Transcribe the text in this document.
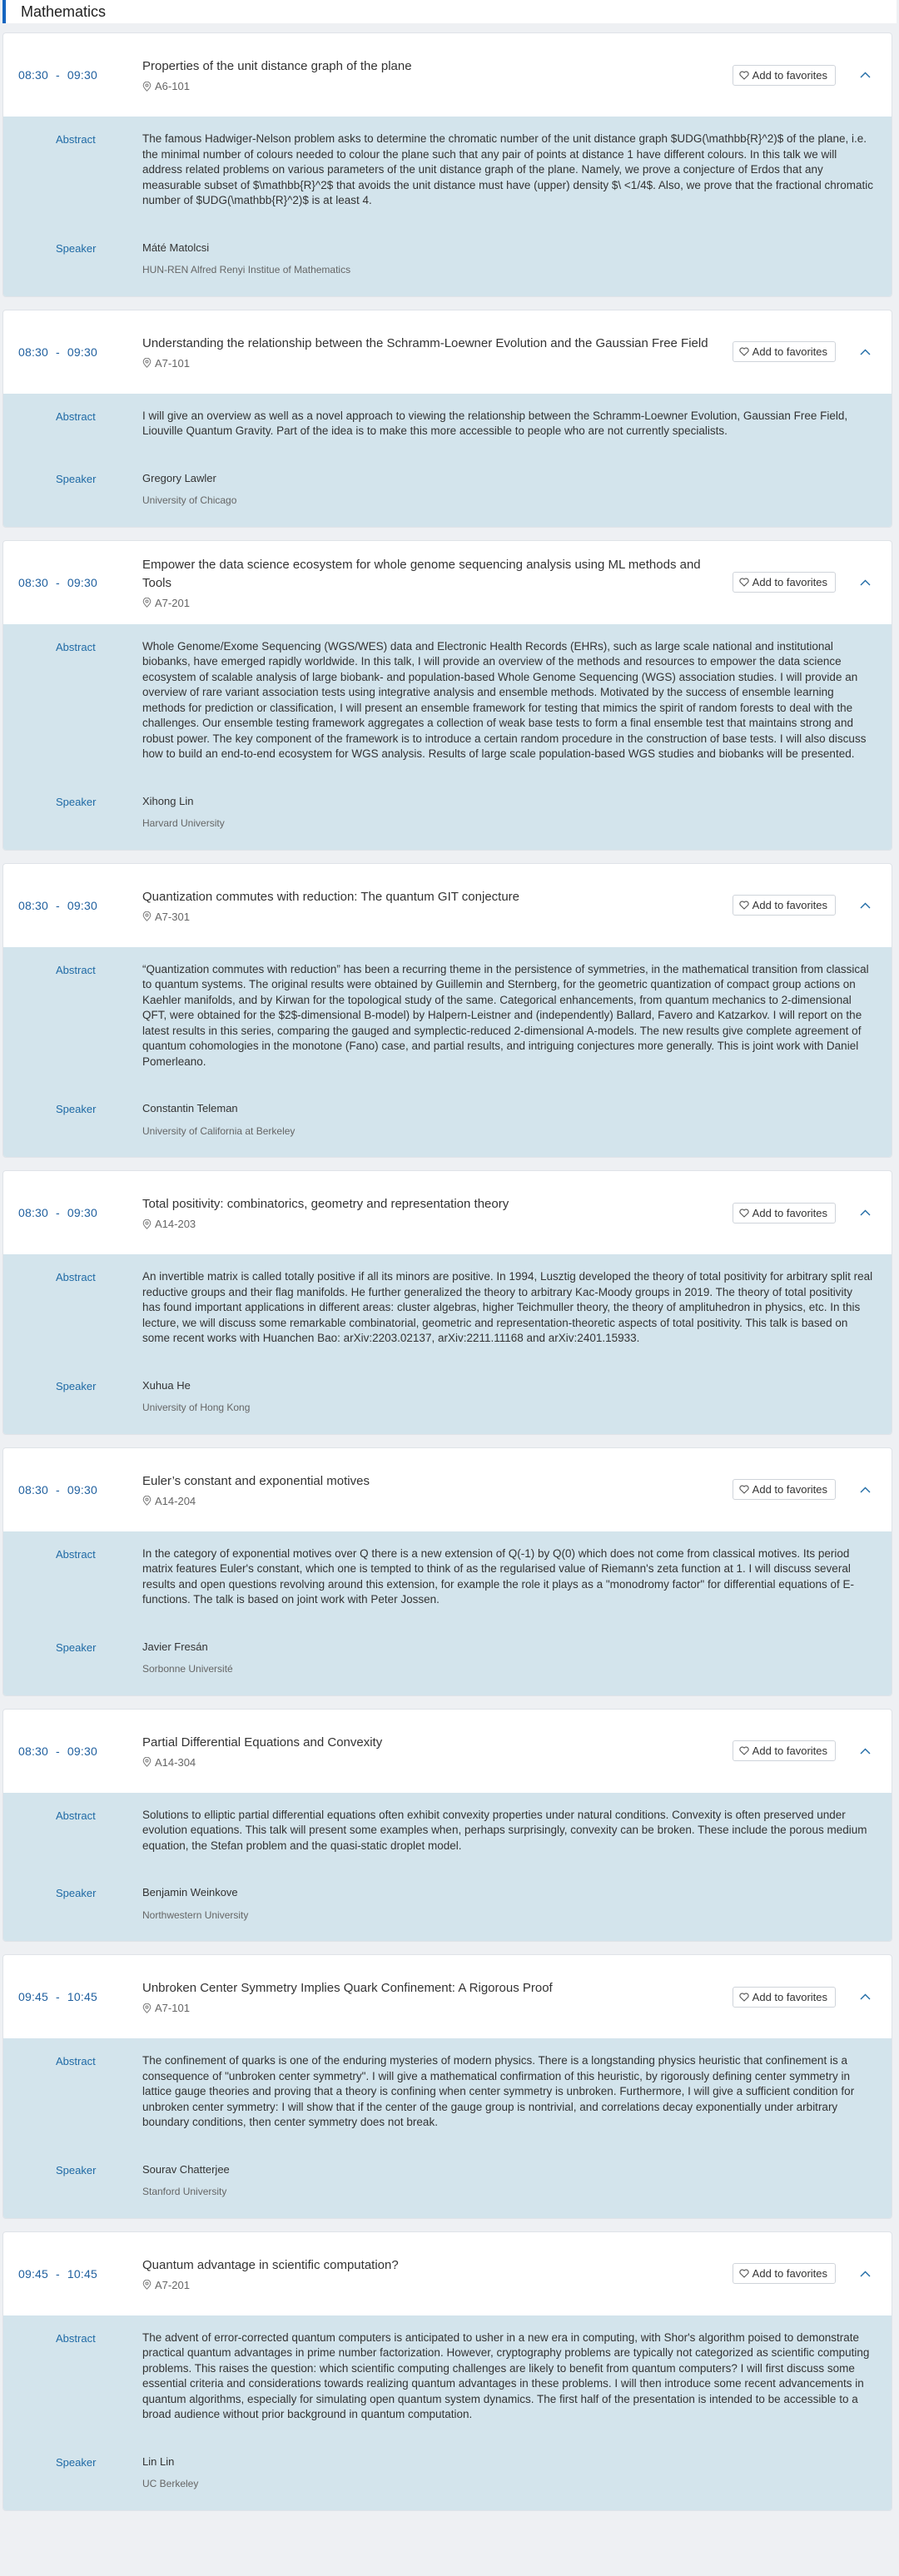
Mathematics
08:30 - 09:30
Properties of the unit distance graph of the plane
A6-101
Add to favorites
Abstract	The famous Hadwiger-Nelson problem asks to determine the chromatic number of the unit distance graph $UDG(\mathbb{R}^2)$ of the plane, i.e. the minimal number of colours needed to colour the plane such that any pair of points at distance 1 have different colours. In this talk we will address related problems on various parameters of the unit distance graph of the plane. Namely, we prove a conjecture of Erdos that any measurable subset of $\mathbb{R}^2$ that avoids the unit distance must have (upper) density $\ <1/4$. Also, we prove that the fractional chromatic number of $UDG(\mathbb{R}^2)$ is at least 4.
Speaker	Máté Matolcsi
HUN-REN Alfred Renyi Institue of Mathematics
08:30 - 09:30
Understanding the relationship between the Schramm-Loewner Evolution and the Gaussian Free Field
A7-101
Add to favorites
Abstract	I will give an overview as well as a novel approach to viewing the relationship between the Schramm-Loewner Evolution, Gaussian Free Field, Liouville Quantum Gravity. Part of the idea is to make this more accessible to people who are not currently specialists.
Speaker	Gregory Lawler
University of Chicago
08:30 - 09:30
Empower the data science ecosystem for whole genome sequencing analysis using ML methods and Tools
A7-201
Add to favorites
Abstract	Whole Genome/Exome Sequencing (WGS/WES) data and Electronic Health Records (EHRs), such as large scale national and institutional biobanks, have emerged rapidly worldwide. In this talk, I will provide an overview of the methods and resources to empower the data science ecosystem of scalable analysis of large biobank- and population-based Whole Genome Sequencing (WGS) association studies. I will provide an overview of rare variant association tests using integrative analysis and ensemble methods. Motivated by the success of ensemble learning methods for prediction or classification, I will present an ensemble framework for testing that mimics the spirit of random forests to deal with the challenges. Our ensemble testing framework aggregates a collection of weak base tests to form a final ensemble test that maintains strong and robust power. The key component of the framework is to introduce a certain random procedure in the construction of base tests. I will also discuss how to build an end-to-end ecosystem for WGS analysis. Results of large scale population-based WGS studies and biobanks will be presented.
Speaker	Xihong Lin
Harvard University
08:30 - 09:30
Quantization commutes with reduction: The quantum GIT conjecture
A7-301
Add to favorites
Abstract	“Quantization commutes with reduction” has been a recurring theme in the persistence of symmetries, in the mathematical transition from classical to quantum systems. The original results were obtained by Guillemin and Sternberg, for the geometric quantization of compact group actions on Kaehler manifolds, and by Kirwan for the topological study of the same. Categorical enhancements, from quantum mechanics to 2-dimensional QFT, were obtained for the $2$-dimensional B-model) by Halpern-Leistner and (independently) Ballard, Favero and Katzarkov. I will report on the latest results in this series, comparing the gauged and symplectic-reduced 2-dimensional A-models. The new results give complete agreement of quantum cohomologies in the monotone (Fano) case, and partial results, and intriguing conjectures more generally. This is joint work with Daniel Pomerleano.
Speaker	Constantin Teleman
University of California at Berkeley
08:30 - 09:30
Total positivity: combinatorics, geometry and representation theory
A14-203
Add to favorites
Abstract	An invertible matrix is called totally positive if all its minors are positive. In 1994, Lusztig developed the theory of total positivity for arbitrary split real reductive groups and their flag manifolds. He further generalized the theory to arbitrary Kac-Moody groups in 2019. The theory of total positivity has found important applications in different areas: cluster algebras, higher Teichmuller theory, the theory of amplituhedron in physics, etc. In this lecture, we will discuss some remarkable combinatorial, geometric and representation-theoretic aspects of total positivity. This talk is based on some recent works with Huanchen Bao: arXiv:2203.02137, arXiv:2211.11168 and arXiv:2401.15933.
Speaker	Xuhua He
University of Hong Kong
08:30 - 09:30
Euler’s constant and exponential motives
A14-204
Add to favorites
Abstract	In the category of exponential motives over Q there is a new extension of Q(-1) by Q(0) which does not come from classical motives. Its period matrix features Euler's constant, which one is tempted to think of as the regularised value of Riemann's zeta function at 1. I will discuss several results and open questions revolving around this extension, for example the role it plays as a "monodromy factor" for differential equations of E-functions. The talk is based on joint work with Peter Jossen.
Speaker	Javier Fresán
Sorbonne Université
08:30 - 09:30
Partial Differential Equations and Convexity
A14-304
Add to favorites
Abstract	Solutions to elliptic partial differential equations often exhibit convexity properties under natural conditions. Convexity is often preserved under evolution equations. This talk will present some examples when, perhaps surprisingly, convexity can be broken. These include the porous medium equation, the Stefan problem and the quasi-static droplet model.
Speaker	Benjamin Weinkove
Northwestern University
09:45 - 10:45
Unbroken Center Symmetry Implies Quark Confinement: A Rigorous Proof
A7-101
Add to favorites
Abstract	The confinement of quarks is one of the enduring mysteries of modern physics. There is a longstanding physics heuristic that confinement is a consequence of "unbroken center symmetry". I will give a mathematical confirmation of this heuristic, by rigorously defining center symmetry in lattice gauge theories and proving that a theory is confining when center symmetry is unbroken. Furthermore, I will give a sufficient condition for unbroken center symmetry: I will show that if the center of the gauge group is nontrivial, and correlations decay exponentially under arbitrary boundary conditions, then center symmetry does not break.
Speaker	Sourav Chatterjee
Stanford University
09:45 - 10:45
Quantum advantage in scientific computation?
A7-201
Add to favorites
Abstract	The advent of error-corrected quantum computers is anticipated to usher in a new era in computing, with Shor's algorithm poised to demonstrate practical quantum advantages in prime number factorization. However, cryptography problems are typically not categorized as scientific computing problems. This raises the question: which scientific computing challenges are likely to benefit from quantum computers? I will first discuss some essential criteria and considerations towards realizing quantum advantages in these problems. I will then introduce some recent advancements in quantum algorithms, especially for simulating open quantum system dynamics. The first half of the presentation is intended to be accessible to a broad audience without prior background in quantum computation.
Speaker	Lin Lin
UC Berkeley
